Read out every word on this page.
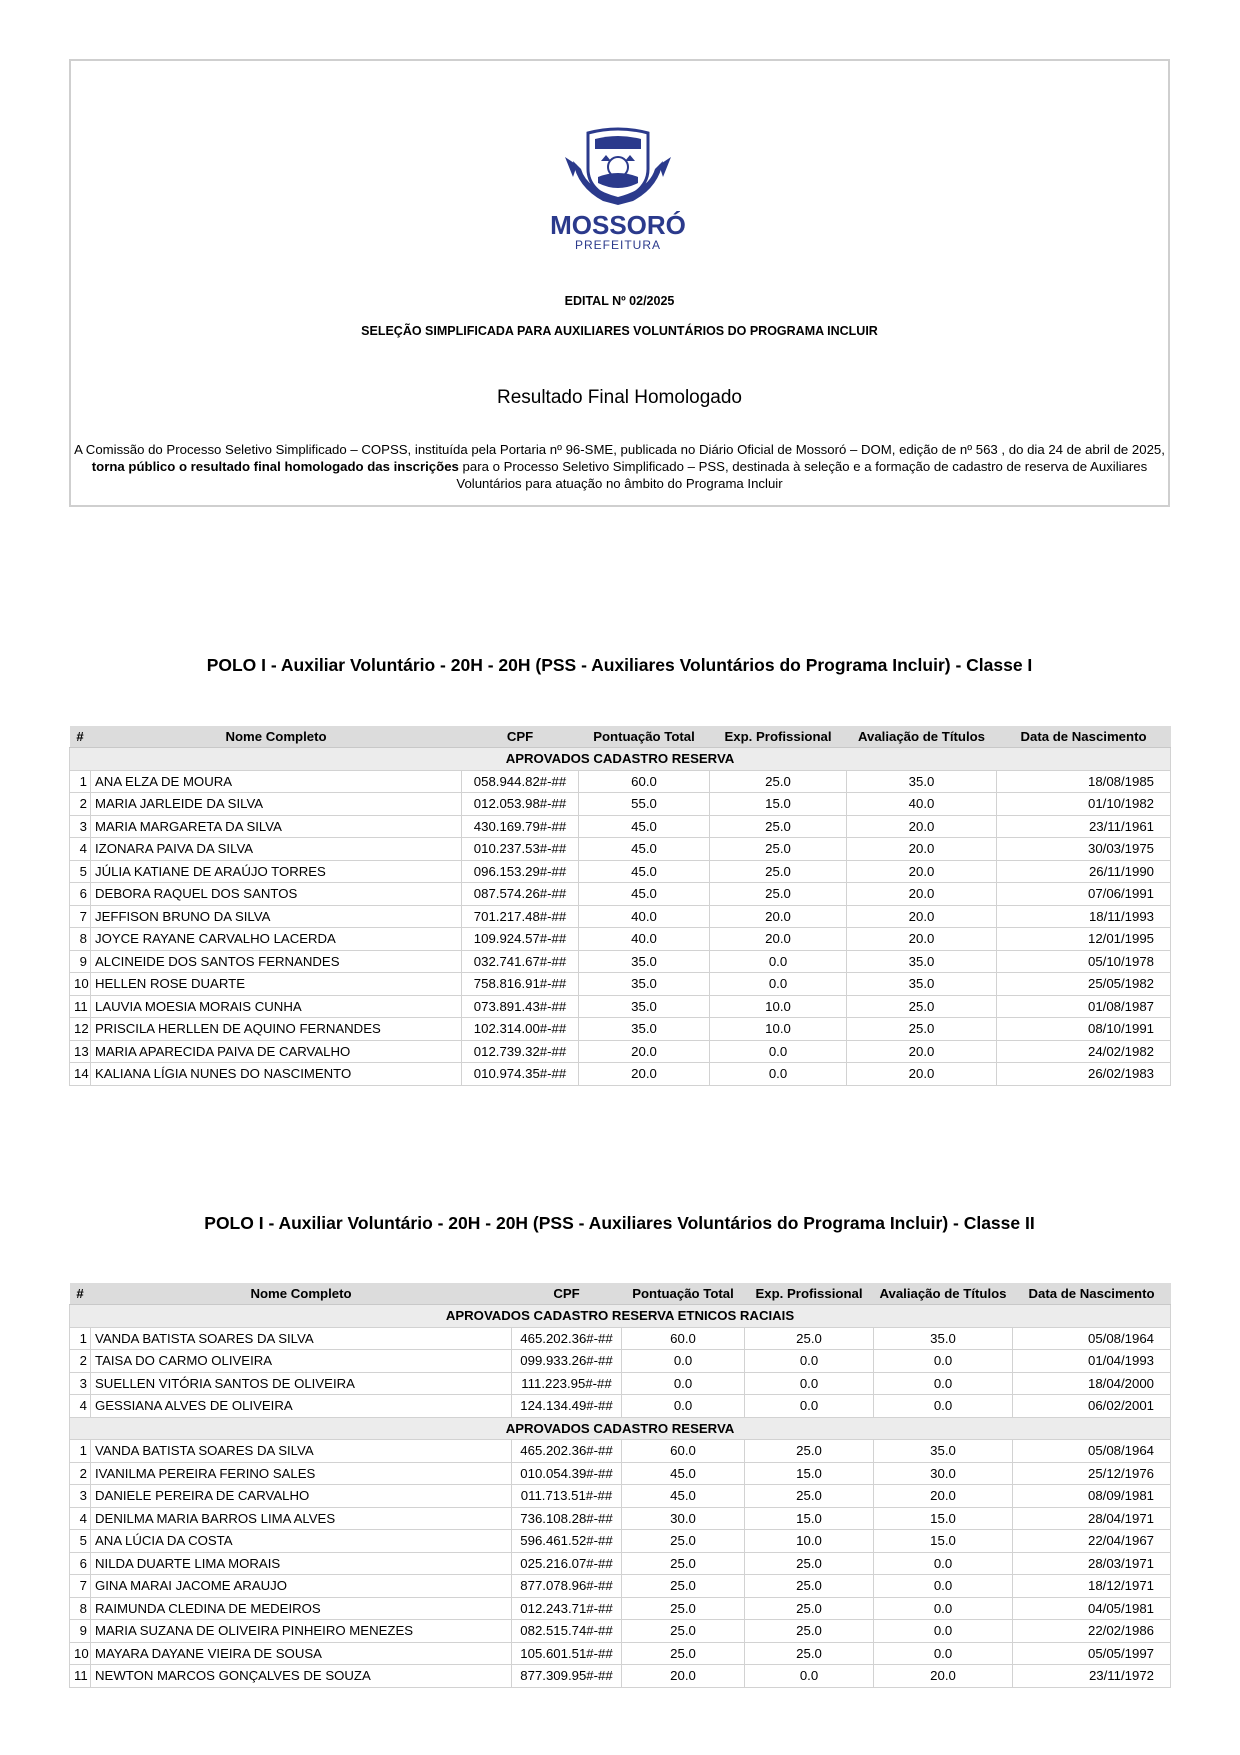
MOSSORÓ
PREFEITURA
EDITAL Nº 02/2025
SELEÇÃO SIMPLIFICADA PARA AUXILIARES VOLUNTÁRIOS DO PROGRAMA INCLUIR
Resultado Final Homologado
A Comissão do Processo Seletivo Simplificado – COPSS, instituída pela Portaria nº 96-SME, publicada no Diário Oficial de Mossoró – DOM, edição de nº 563 , do dia 24 de abril de 2025, torna público o resultado final homologado das inscrições para o Processo Seletivo Simplificado – PSS, destinada à seleção e a formação de cadastro de reserva de Auxiliares Voluntários para atuação no âmbito do Programa Incluir
POLO I - Auxiliar Voluntário - 20H - 20H (PSS - Auxiliares Voluntários do Programa Incluir) - Classe I
#	Nome Completo	CPF	Pontuação Total	Exp. Profissional	Avaliação de Títulos	Data de Nascimento
APROVADOS CADASTRO RESERVA						
1	ANA ELZA DE MOURA	058.944.82#-##	60.0	25.0	35.0	18/08/1985
2	MARIA JARLEIDE DA SILVA	012.053.98#-##	55.0	15.0	40.0	01/10/1982
3	MARIA MARGARETA DA SILVA	430.169.79#-##	45.0	25.0	20.0	23/11/1961
4	IZONARA PAIVA DA SILVA	010.237.53#-##	45.0	25.0	20.0	30/03/1975
5	JÚLIA KATIANE DE ARAÚJO TORRES	096.153.29#-##	45.0	25.0	20.0	26/11/1990
6	DEBORA RAQUEL DOS SANTOS	087.574.26#-##	45.0	25.0	20.0	07/06/1991
7	JEFFISON BRUNO DA SILVA	701.217.48#-##	40.0	20.0	20.0	18/11/1993
8	JOYCE RAYANE CARVALHO LACERDA	109.924.57#-##	40.0	20.0	20.0	12/01/1995
9	ALCINEIDE DOS SANTOS FERNANDES	032.741.67#-##	35.0	0.0	35.0	05/10/1978
10	HELLEN ROSE DUARTE	758.816.91#-##	35.0	0.0	35.0	25/05/1982
11	LAUVIA MOESIA MORAIS CUNHA	073.891.43#-##	35.0	10.0	25.0	01/08/1987
12	PRISCILA HERLLEN DE AQUINO FERNANDES	102.314.00#-##	35.0	10.0	25.0	08/10/1991
13	MARIA APARECIDA PAIVA DE CARVALHO	012.739.32#-##	20.0	0.0	20.0	24/02/1982
14	KALIANA LÍGIA NUNES DO NASCIMENTO	010.974.35#-##	20.0	0.0	20.0	26/02/1983
POLO I - Auxiliar Voluntário - 20H - 20H (PSS - Auxiliares Voluntários do Programa Incluir) - Classe II
#	Nome Completo	CPF	Pontuação Total	Exp. Profissional	Avaliação de Títulos	Data de Nascimento
APROVADOS CADASTRO RESERVA ETNICOS RACIAIS						
1	VANDA BATISTA SOARES DA SILVA	465.202.36#-##	60.0	25.0	35.0	05/08/1964
2	TAISA DO CARMO OLIVEIRA	099.933.26#-##	0.0	0.0	0.0	01/04/1993
3	SUELLEN VITÓRIA SANTOS DE OLIVEIRA	111.223.95#-##	0.0	0.0	0.0	18/04/2000
4	GESSIANA ALVES DE OLIVEIRA	124.134.49#-##	0.0	0.0	0.0	06/02/2001
APROVADOS CADASTRO RESERVA						
1	VANDA BATISTA SOARES DA SILVA	465.202.36#-##	60.0	25.0	35.0	05/08/1964
2	IVANILMA PEREIRA FERINO SALES	010.054.39#-##	45.0	15.0	30.0	25/12/1976
3	DANIELE PEREIRA DE CARVALHO	011.713.51#-##	45.0	25.0	20.0	08/09/1981
4	DENILMA MARIA BARROS LIMA ALVES	736.108.28#-##	30.0	15.0	15.0	28/04/1971
5	ANA LÚCIA DA COSTA	596.461.52#-##	25.0	10.0	15.0	22/04/1967
6	NILDA DUARTE LIMA MORAIS	025.216.07#-##	25.0	25.0	0.0	28/03/1971
7	GINA MARAI JACOME ARAUJO	877.078.96#-##	25.0	25.0	0.0	18/12/1971
8	RAIMUNDA CLEDINA DE MEDEIROS	012.243.71#-##	25.0	25.0	0.0	04/05/1981
9	MARIA SUZANA DE OLIVEIRA PINHEIRO MENEZES	082.515.74#-##	25.0	25.0	0.0	22/02/1986
10	MAYARA DAYANE VIEIRA DE SOUSA	105.601.51#-##	25.0	25.0	0.0	05/05/1997
11	NEWTON MARCOS GONÇALVES DE SOUZA	877.309.95#-##	20.0	0.0	20.0	23/11/1972
